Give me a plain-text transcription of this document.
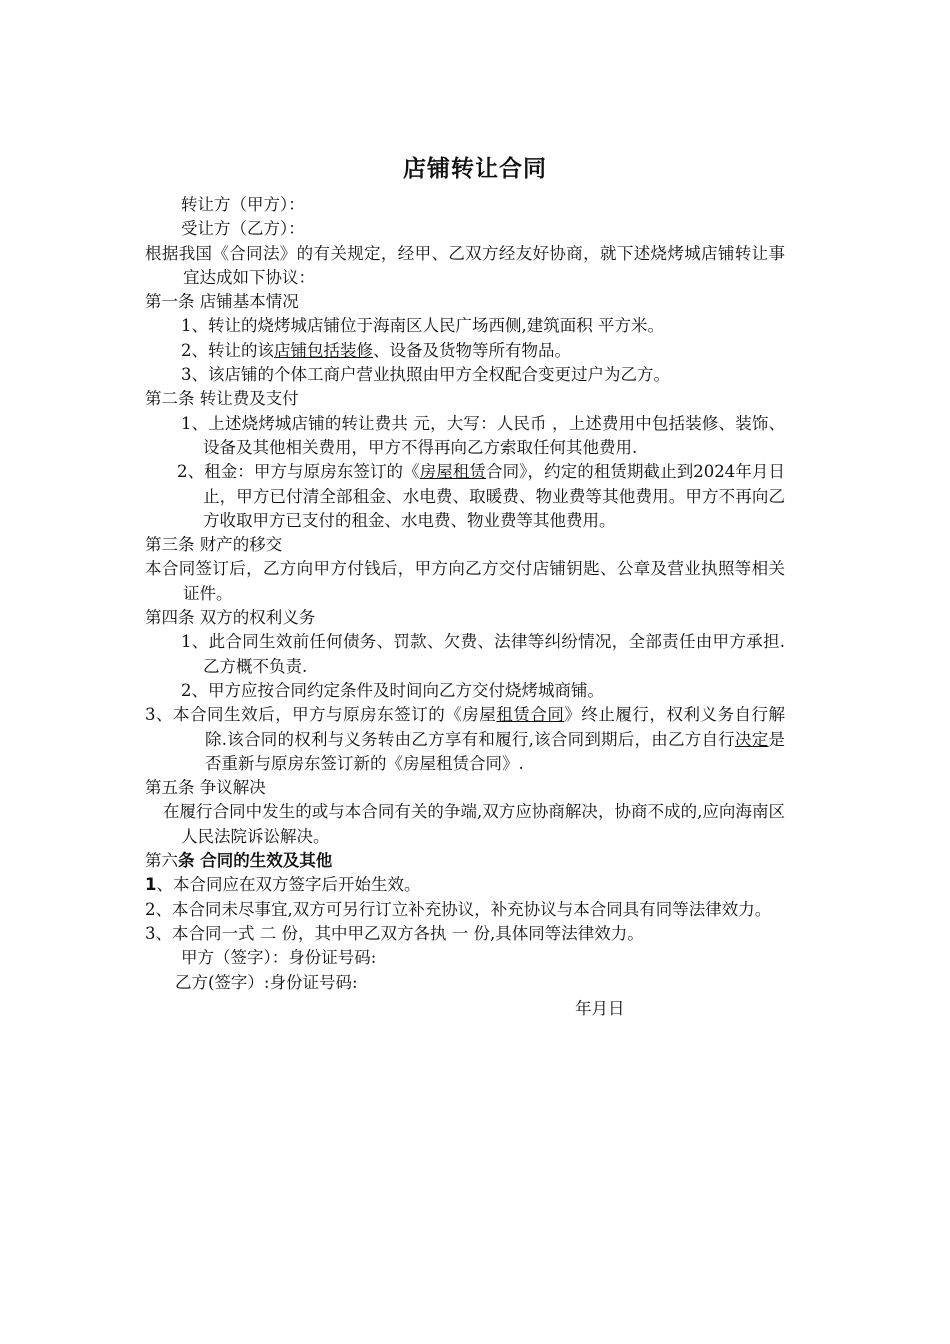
店铺转让合同

转让方（甲方）：

受让方（乙方）：

根据我国《合同法》的有关规定，经甲、乙双方经友好协商，就下述烧烤城店铺转让事宜达成如下协议：

第一条 店铺基本情况

1、转让的烧烤城店铺位于海南区人民广场西侧,建筑面积 平方米。

2、转让的该店铺包括装修、设备及货物等所有物品。

3、该店铺的个体工商户营业执照由甲方全权配合变更过户为乙方。

第二条 转让费及支付

1、上述烧烤城店铺的转让费共 元，大写：人民币 ，上述费用中包括装修、装饰、设备及其他相关费用，甲方不得再向乙方索取任何其他费用.

2、租金：甲方与原房东签订的《房屋租赁合同》，约定的租赁期截止到2024年月日止，甲方已付清全部租金、水电费、取暖费、物业费等其他费用。甲方不再向乙方收取甲方已支付的租金、水电费、物业费等其他费用。

第三条 财产的移交

本合同签订后，乙方向甲方付钱后，甲方向乙方交付店铺钥匙、公章及营业执照等相关证件。

第四条 双方的权利义务

1、此合同生效前任何债务、罚款、欠费、法律等纠纷情况，全部责任由甲方承担.乙方概不负责.

2、甲方应按合同约定条件及时间向乙方交付烧烤城商铺。

3、本合同生效后，甲方与原房东签订的《房屋租赁合同》终止履行，权利义务自行解除.该合同的权利与义务转由乙方享有和履行,该合同到期后，由乙方自行决定是否重新与原房东签订新的《房屋租赁合同》.

第五条 争议解决

在履行合同中发生的或与本合同有关的争端,双方应协商解决，协商不成的,应向海南区人民法院诉讼解决。

第六条 合同的生效及其他

1、本合同应在双方签字后开始生效。

2、本合同未尽事宜,双方可另行订立补充协议，补充协议与本合同具有同等法律效力。

3、本合同一式 二 份，其中甲乙双方各执 一 份,具体同等法律效力。

甲方（签字）：身份证号码:

乙方(签字）:身份证号码:

年月日
